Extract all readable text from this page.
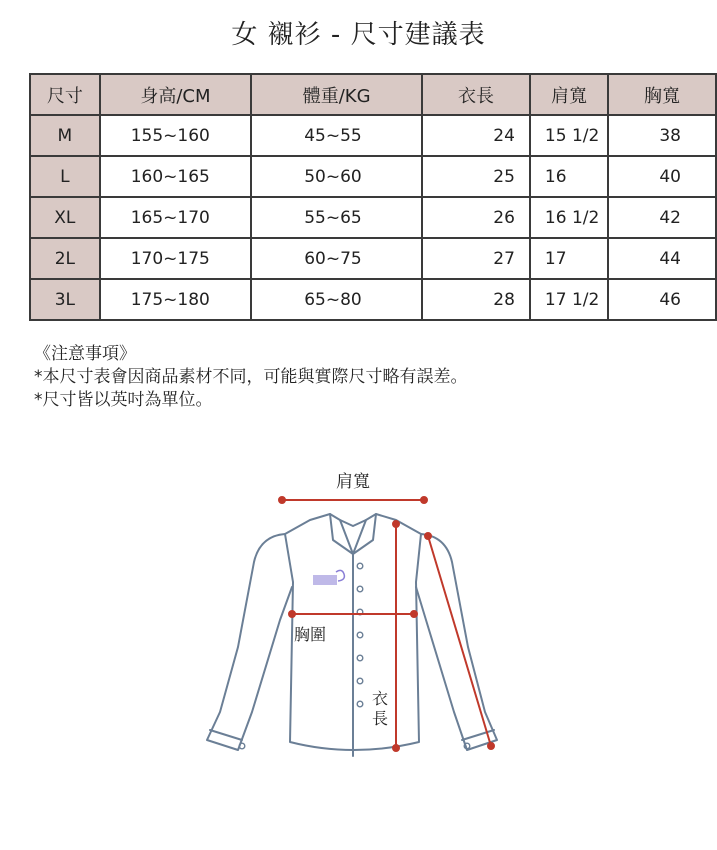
女 襯衫 - 尺寸建議表
尺寸	身高/CM	體重/KG	衣長	肩寬	胸寬
M	155~160	45~55	24	15 1/2	38
L	160~165	50~60	25	16	40
XL	165~170	55~65	26	16 1/2	42
2L	170~175	60~75	27	17	44
3L	175~180	65~80	28	17 1/2	46
《注意事項》
*本尺寸表會因商品素材不同，可能與實際尺寸略有誤差。
*尺寸皆以英吋為單位。
肩寬
胸圍
衣
長
